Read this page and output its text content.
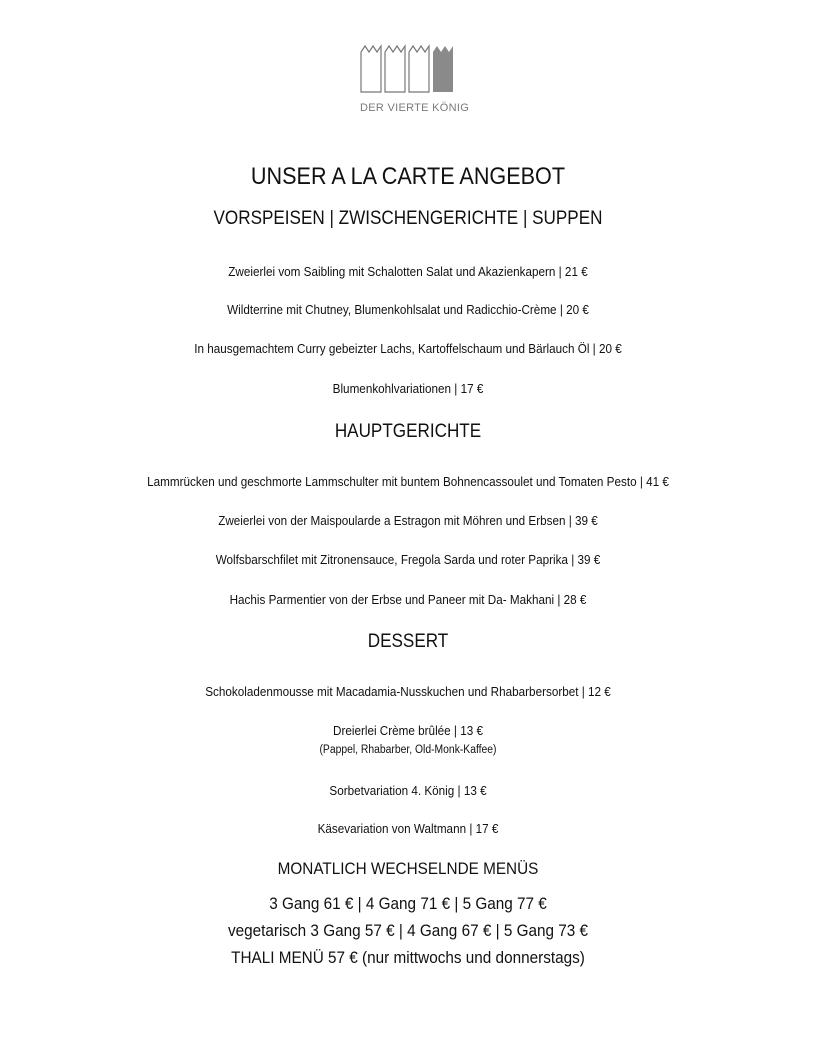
DER VIERTE KÖNIG
UNSER A LA CARTE ANGEBOT
VORSPEISEN | ZWISCHENGERICHTE | SUPPEN
Zweierlei vom Saibling mit Schalotten Salat und Akazienkapern | 21 €
Wildterrine mit Chutney, Blumenkohlsalat und Radicchio-Crème | 20 €
In hausgemachtem Curry gebeizter Lachs, Kartoffelschaum und Bärlauch Öl | 20 €
Blumenkohlvariationen | 17 €
HAUPTGERICHTE
Lammrücken und geschmorte Lammschulter mit buntem Bohnencassoulet und Tomaten Pesto | 41 €
Zweierlei von der Maispoularde a Estragon mit Möhren und Erbsen | 39 €
Wolfsbarschfilet mit Zitronensauce, Fregola Sarda und roter Paprika | 39 €
Hachis Parmentier von der Erbse und Paneer mit Da- Makhani | 28 €
DESSERT
Schokoladenmousse mit Macadamia-Nusskuchen und Rhabarbersorbet | 12 €
Dreierlei Crème brûlée | 13 €
(Pappel, Rhabarber, Old-Monk-Kaffee)
Sorbetvariation 4. König | 13 €
Käsevariation von Waltmann | 17 €
MONATLICH WECHSELNDE MENÜS
3 Gang 61 € | 4 Gang 71 € | 5 Gang 77 €
vegetarisch 3 Gang 57 € | 4 Gang 67 € | 5 Gang 73 €
THALI MENÜ 57 € (nur mittwochs und donnerstags)
